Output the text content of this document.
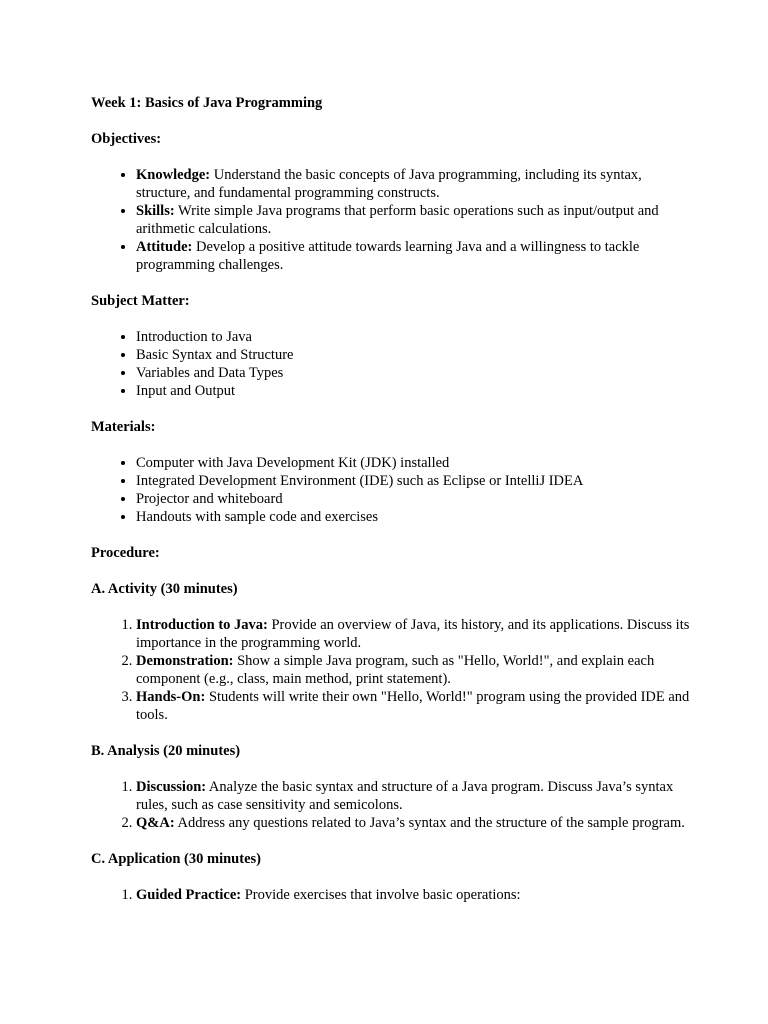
Week 1: Basics of Java Programming

Objectives:

• Knowledge: Understand the basic concepts of Java programming, including its syntax, structure, and fundamental programming constructs.
• Skills: Write simple Java programs that perform basic operations such as input/output and arithmetic calculations.
• Attitude: Develop a positive attitude towards learning Java and a willingness to tackle programming challenges.

Subject Matter:

• Introduction to Java
• Basic Syntax and Structure
• Variables and Data Types
• Input and Output

Materials:

• Computer with Java Development Kit (JDK) installed
• Integrated Development Environment (IDE) such as Eclipse or IntelliJ IDEA
• Projector and whiteboard
• Handouts with sample code and exercises

Procedure:

A. Activity (30 minutes)

1. Introduction to Java: Provide an overview of Java, its history, and its applications. Discuss its importance in the programming world.
2. Demonstration: Show a simple Java program, such as "Hello, World!", and explain each component (e.g., class, main method, print statement).
3. Hands-On: Students will write their own "Hello, World!" program using the provided IDE and tools.

B. Analysis (20 minutes)

1. Discussion: Analyze the basic syntax and structure of a Java program. Discuss Java’s syntax rules, such as case sensitivity and semicolons.
2. Q&A: Address any questions related to Java’s syntax and the structure of the sample program.

C. Application (30 minutes)

1. Guided Practice: Provide exercises that involve basic operations:
